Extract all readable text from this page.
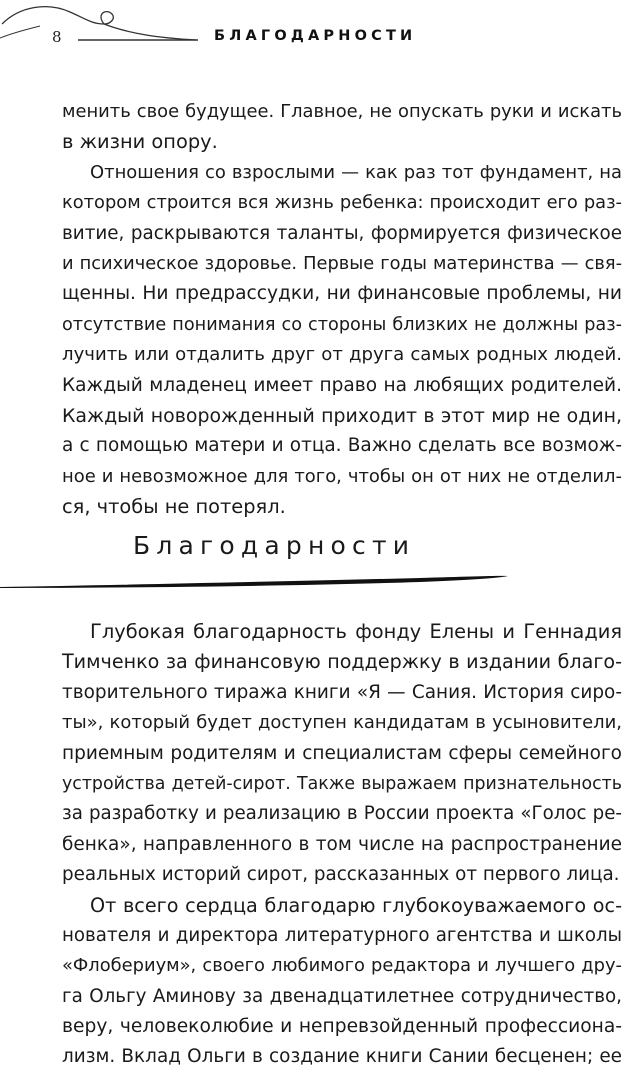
8	БЛАГОДАРНОСТИ
менить свое будущее. Главное, не опускать руки и искать
в жизни опору.
Отношения со взрослыми — как раз тот фундамент, на
котором строится вся жизнь ребенка: происходит его раз-
витие, раскрываются таланты, формируется физическое
и психическое здоровье. Первые годы материнства — свя-
щенны. Ни предрассудки, ни финансовые проблемы, ни
отсутствие понимания со стороны близких не должны раз-
лучить или отдалить друг от друга самых родных людей.
Каждый младенец имеет право на любящих родителей.
Каждый новорожденный приходит в этот мир не один,
а с помощью матери и отца. Важно сделать все возмож-
ное и невозможное для того, чтобы он от них не отделил-
ся, чтобы не потерял.
Благодарности
Глубокая благодарность фонду Елены и Геннадия
Тимченко за финансовую поддержку в издании благо-
творительного тиража книги «Я — Сания. История сиро-
ты», который будет доступен кандидатам в усыновители,
приемным родителям и специалистам сферы семейного
устройства детей-сирот. Также выражаем признательность
за разработку и реализацию в России проекта «Голос ре-
бенка», направленного в том числе на распространение
реальных историй сирот, рассказанных от первого лица.
От всего сердца благодарю глубокоуважаемого ос-
нователя и директора литературного агентства и школы
«Флобериум», своего любимого редактора и лучшего дру-
га Ольгу Аминову за двенадцатилетнее сотрудничество,
веру, человеколюбие и непревзойденный профессиона-
лизм. Вклад Ольги в создание книги Сании бесценен; ее
